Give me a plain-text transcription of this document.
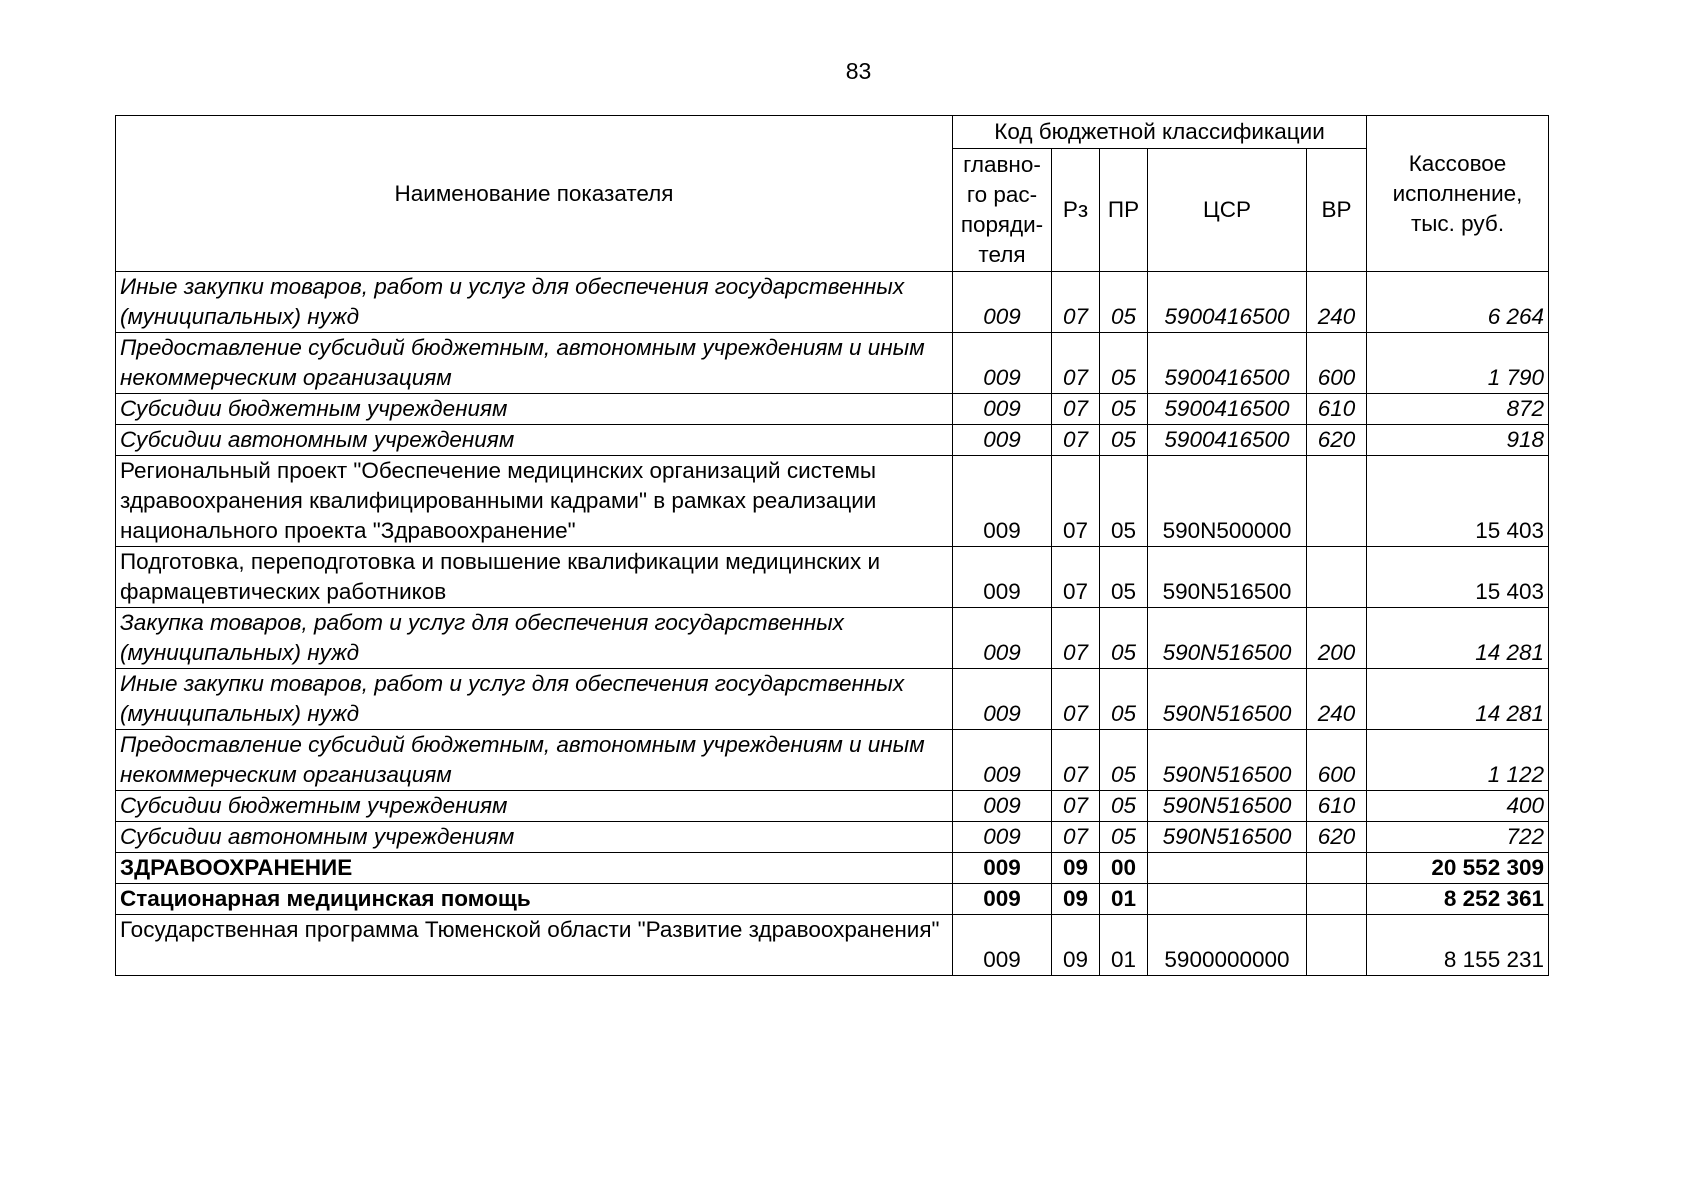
83
Наименование показателя	Код бюджетной классификации					Кассовое исполнение, тыс. руб.
	главно- го рас- поряди- теля	Рз	ПР	ЦСР	ВР	
Иные закупки товаров, работ и услуг для обеспечения государственных (муниципальных) нужд	009	07	05	5900416500	240	6 264
Предоставление субсидий бюджетным, автономным учреждениям и иным некоммерческим организациям	009	07	05	5900416500	600	1 790
Субсидии бюджетным учреждениям	009	07	05	5900416500	610	872
Субсидии автономным учреждениям	009	07	05	5900416500	620	918
Региональный проект "Обеспечение медицинских организаций системы здравоохранения квалифицированными кадрами" в рамках реализации национального проекта "Здравоохранение"	009	07	05	590N500000		15 403
Подготовка, переподготовка и повышение квалификации медицинских и фармацевтических работников	009	07	05	590N516500		15 403
Закупка товаров, работ и услуг для обеспечения государственных (муниципальных) нужд	009	07	05	590N516500	200	14 281
Иные закупки товаров, работ и услуг для обеспечения государственных (муниципальных) нужд	009	07	05	590N516500	240	14 281
Предоставление субсидий бюджетным, автономным учреждениям и иным некоммерческим организациям	009	07	05	590N516500	600	1 122
Субсидии бюджетным учреждениям	009	07	05	590N516500	610	400
Субсидии автономным учреждениям	009	07	05	590N516500	620	722
ЗДРАВООХРАНЕНИЕ	009	09	00			20 552 309
Стационарная медицинская помощь	009	09	01			8 252 361
Государственная программа Тюменской области "Развитие здравоохранения"	009	09	01	5900000000		8 155 231
